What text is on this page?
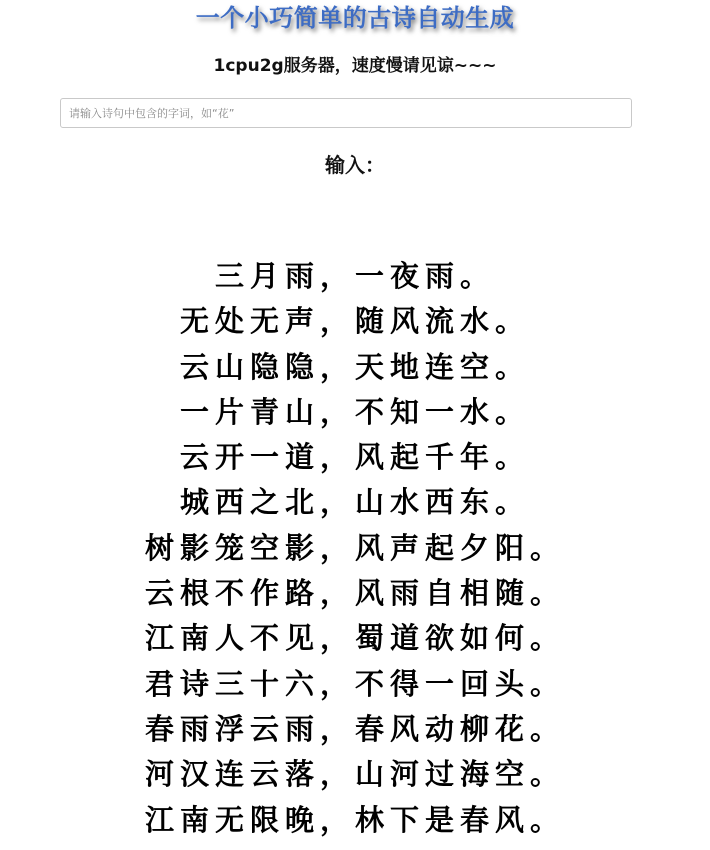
一个小巧简单的古诗自动生成
1cpu2g服务器，速度慢请见谅~~~
请输入诗句中包含的字词，如“花”
输入：
三月雨，一夜雨。
无处无声，随风流水。
云山隐隐，天地连空。
一片青山，不知一水。
云开一道，风起千年。
城西之北，山水西东。
树影笼空影，风声起夕阳。
云根不作路，风雨自相随。
江南人不见，蜀道欲如何。
君诗三十六，不得一回头。
春雨浮云雨，春风动柳花。
河汉连云落，山河过海空。
江南无限晚，林下是春风。
